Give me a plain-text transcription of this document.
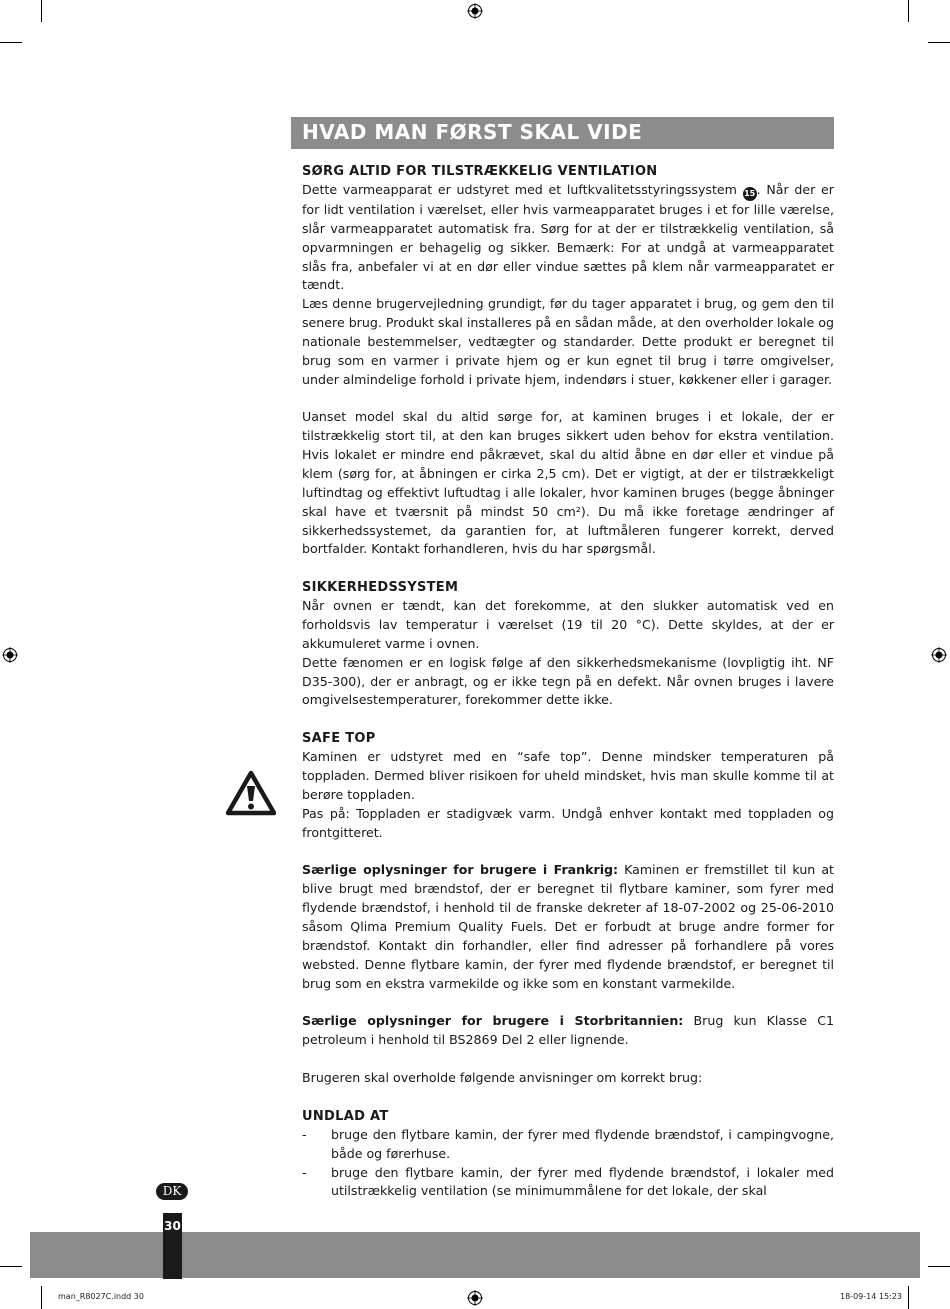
HVAD MAN FØRST SKAL VIDE
SØRG ALTID FOR TILSTRÆKKELIG VENTILATION

Dette varmeapparat er udstyret med et luftkvalitetsstyringssystem 15. Når der er for lidt ventilation i værelset, eller hvis varmeapparatet bruges i et for lille værelse, slår varmeapparatet automatisk fra. Sørg for at der er tilstrækkelig ventilation, så opvarmningen er behagelig og sikker. Bemærk: For at undgå at varmeapparatet slås fra, anbefaler vi at en dør eller vindue sættes på klem når varmeapparatet er tændt.

Læs denne brugervejledning grundigt, før du tager apparatet i brug, og gem den til senere brug. Produkt skal installeres på en sådan måde, at den overholder lokale og nationale bestemmelser, vedtægter og standarder. Dette produkt er beregnet til brug som en varmer i private hjem og er kun egnet til brug i tørre omgivelser, under almindelige forhold i private hjem, indendørs i stuer, køkkener eller i garager.

Uanset model skal du altid sørge for, at kaminen bruges i et lokale, der er tilstrækkelig stort til, at den kan bruges sikkert uden behov for ekstra ventilation. Hvis lokalet er mindre end påkrævet, skal du altid åbne en dør eller et vindue på klem (sørg for, at åbningen er cirka 2,5 cm). Det er vigtigt, at der er tilstrækkeligt luftindtag og effektivt luftudtag i alle lokaler, hvor kaminen bruges (begge åbninger skal have et tværsnit på mindst 50 cm²). Du må ikke foretage ændringer af sikkerhedssystemet, da garantien for, at luftmåleren fungerer korrekt, derved bortfalder. Kontakt forhandleren, hvis du har spørgsmål.

SIKKERHEDSSYSTEM

Når ovnen er tændt, kan det forekomme, at den slukker automatisk ved en forholdsvis lav temperatur i værelset (19 til 20 °C). Dette skyldes, at der er akkumuleret varme i ovnen.

Dette fænomen er en logisk følge af den sikkerhedsmekanisme (lovpligtig iht. NF D35-300), der er anbragt, og er ikke tegn på en defekt. Når ovnen bruges i lavere omgivelsestemperaturer, forekommer dette ikke.

SAFE TOP

Kaminen er udstyret med en “safe top”. Denne mindsker temperaturen på toppladen. Dermed bliver risikoen for uheld mindsket, hvis man skulle komme til at berøre toppladen.

Pas på: Toppladen er stadigvæk varm. Undgå enhver kontakt med toppladen og frontgitteret.

Særlige oplysninger for brugere i Frankrig: Kaminen er fremstillet til kun at blive brugt med brændstof, der er beregnet til flytbare kaminer, som fyrer med flydende brændstof, i henhold til de franske dekreter af 18-07-2002 og 25-06-2010 såsom Qlima Premium Quality Fuels. Det er forbudt at bruge andre former for brændstof. Kontakt din forhandler, eller find adresser på forhandlere på vores websted. Denne flytbare kamin, der fyrer med flydende brændstof, er beregnet til brug som en ekstra varmekilde og ikke som en konstant varmekilde.

Særlige oplysninger for brugere i Storbritannien: Brug kun Klasse C1 petroleum i henhold til BS2869 Del 2 eller lignende.

Brugeren skal overholde følgende anvisninger om korrekt brug:

UNDLAD AT
- bruge den flytbare kamin, der fyrer med flydende brændstof, i campingvogne, både og førerhuse.
- bruge den flytbare kamin, der fyrer med flydende brændstof, i lokaler med utilstrækkelig ventilation (se minimummålene for det lokale, der skal
30
DK
man_R8027C.indd 30	18-09-14 15:23
